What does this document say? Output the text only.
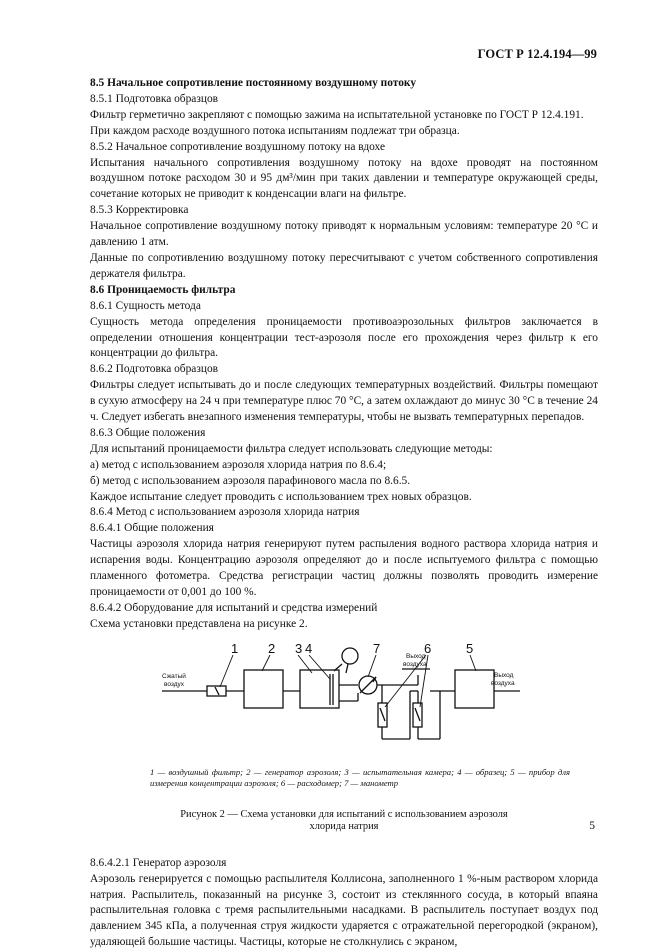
ГОСТ Р 12.4.194—99

8.5 Начальное сопротивление постоянному воздушному потоку

8.5.1 Подготовка образцов

Фильтр герметично закрепляют с помощью зажима на испытательной установке по ГОСТ Р 12.4.191.

При каждом расходе воздушного потока испытаниям подлежат три образца.

8.5.2 Начальное сопротивление воздушному потоку на вдохе

Испытания начального сопротивления воздушному потоку на вдохе проводят на постоянном воздушном потоке расходом 30 и 95 дм³/мин при таких давлении и температуре окружающей среды, сочетание которых не приводит к конденсации влаги на фильтре.

8.5.3 Корректировка

Начальное сопротивление воздушному потоку приводят к нормальным условиям: температуре 20 °С и давлению 1 атм.

Данные по сопротивлению воздушному потоку пересчитывают с учетом собственного сопротивления держателя фильтра.

8.6 Проницаемость фильтра

8.6.1 Сущность метода

Сущность метода определения проницаемости противоаэрозольных фильтров заключается в определении отношения концентрации тест-аэрозоля после его прохождения через фильтр к его концентрации до фильтра.

8.6.2 Подготовка образцов

Фильтры следует испытывать до и после следующих температурных воздействий. Фильтры помещают в сухую атмосферу на 24 ч при температуре плюс 70 °С, а затем охлаждают до минус 30 °С в течение 24 ч. Следует избегать внезапного изменения температуры, чтобы не вызвать температурных перепадов.

8.6.3 Общие положения

Для испытаний проницаемости фильтра следует использовать следующие методы:

а) метод с использованием аэрозоля хлорида натрия по 8.6.4;

б) метод с использованием аэрозоля парафинового масла по 8.6.5.

Каждое испытание следует проводить с использованием трех новых образцов.

8.6.4 Метод с использованием аэрозоля хлорида натрия

8.6.4.1 Общие положения

Частицы аэрозоля хлорида натрия генерируют путем распыления водного раствора хлорида натрия и испарения воды. Концентрацию аэрозоля определяют до и после испытуемого фильтра с помощью пламенного фотометра. Средства регистрации частиц должны позволять проводить измерение проницаемости от 0,001 до 100 %.

8.6.4.2 Оборудование для испытаний и средства измерений

Схема установки представлена на рисунке 2.

Сжатый
воздух
Выход
воздуха
Выход
воздуха
1 2 3 4	7	6	5
1 — воздушный фильтр; 2 — генератор аэрозоля; 3 — испытательная камера; 4 — образец; 5 — прибор для измерения концентрации аэрозоля; 6 — расходомер; 7 — манометр
Рисунок 2 — Схема установки для испытаний с использованием аэрозоля
хлорида натрия

8.6.4.2.1 Генератор аэрозоля

Аэрозоль генерируется с помощью распылителя Коллисона, заполненного 1 %-ным раствором хлорида натрия. Распылитель, показанный на рисунке 3, состоит из стеклянного сосуда, в который впаяна распылительная головка с тремя распылительными насадками. В распылитель поступает воздух под давлением 345 кПа, а полученная струя жидкости ударяется с отражательной перегородкой (экраном), удаляющей большие частицы. Частицы, которые не столкнулись с экраном,

5
